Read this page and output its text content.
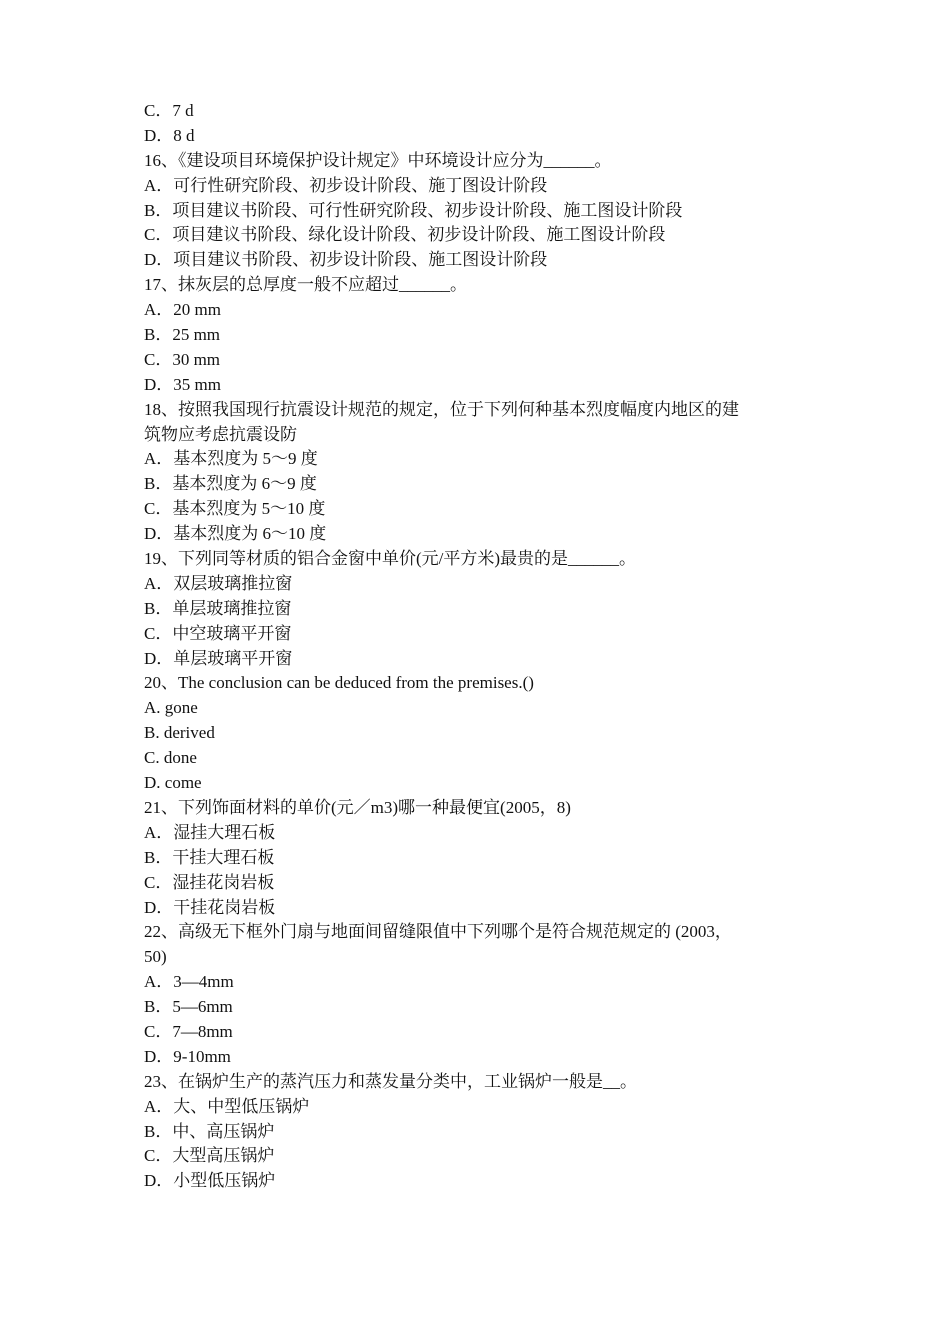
C．7 d
D．8 d
16、《建设项目环境保护设计规定》中环境设计应分为______。
A．可行性研究阶段、初步设计阶段、施丁图设计阶段
B．项目建议书阶段、可行性研究阶段、初步设计阶段、施工图设计阶段
C．项目建议书阶段、绿化设计阶段、初步设计阶段、施工图设计阶段
D．项目建议书阶段、初步设计阶段、施工图设计阶段
17、抹灰层的总厚度一般不应超过______。
A．20 mm
B．25 mm
C．30 mm
D．35 mm
18、按照我国现行抗震设计规范的规定，位于下列何种基本烈度幅度内地区的建
筑物应考虑抗震设防
A．基本烈度为 5～9 度
B．基本烈度为 6～9 度
C．基本烈度为 5～10 度
D．基本烈度为 6～10 度
19、下列同等材质的铝合金窗中单价(元/平方米)最贵的是______。
A．双层玻璃推拉窗
B．单层玻璃推拉窗
C．中空玻璃平开窗
D．单层玻璃平开窗
20、The conclusion can be deduced from the premises.()
A. gone
B. derived
C. done
D. come
21、下列饰面材料的单价(元／m3)哪一种最便宜(2005，8)
A．湿挂大理石板
B．干挂大理石板
C．湿挂花岗岩板
D．干挂花岗岩板
22、高级无下框外门扇与地面间留缝限值中下列哪个是符合规范规定的 (2003，
50)
A．3—4mm
B．5—6mm
C．7—8mm
D．9-10mm
23、在锅炉生产的蒸汽压力和蒸发量分类中，工业锅炉一般是__。
A．大、中型低压锅炉
B．中、高压锅炉
C．大型高压锅炉
D．小型低压锅炉
